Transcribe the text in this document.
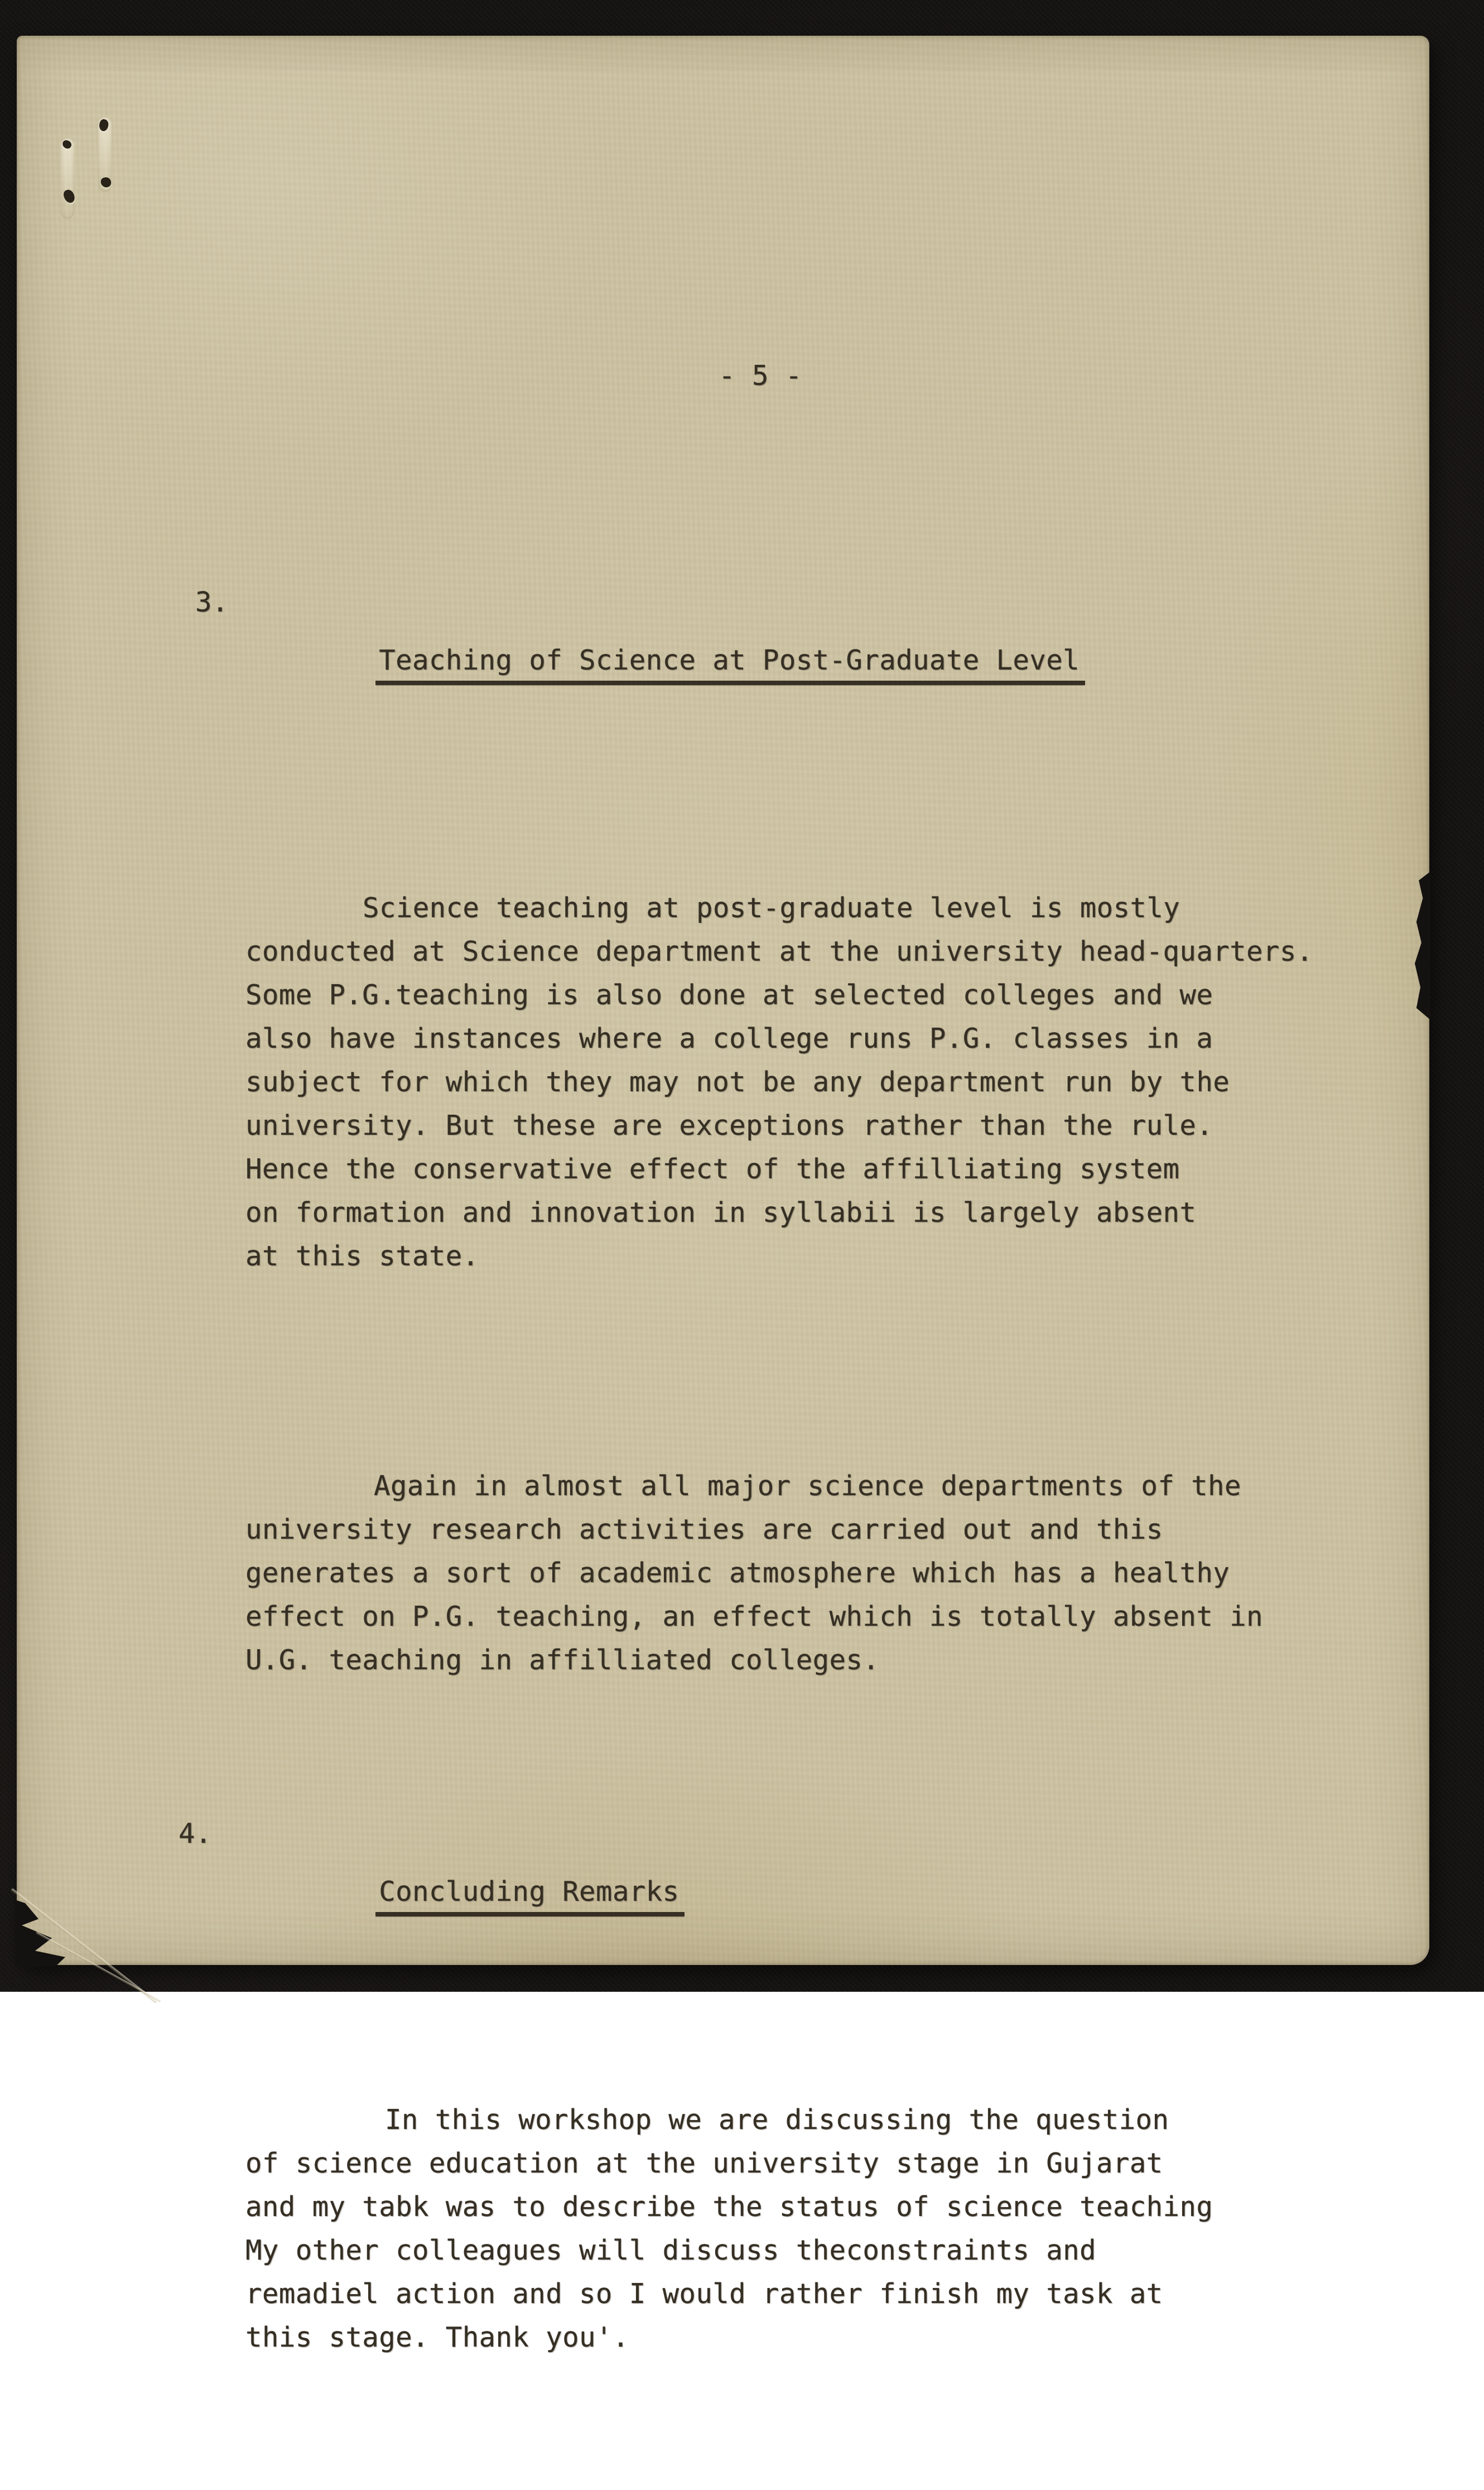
- 5 -

3.

Teaching of Science at Post-Graduate Level

Science teaching at post-graduate level is mostly
conducted at Science department at the university head-quarters.
Some P.G.teaching is also done at selected colleges and we
also have instances where a college runs P.G. classes in a
subject for which they may not be any department run by the
university. But these are exceptions rather than the rule.
Hence the conservative effect of the affilliating system
on formation and innovation in syllabii is largely absent
at this state.

Again in almost all major science departments of the
university research activities are carried out and this
generates a sort of academic atmosphere which has a healthy
effect on P.G. teaching, an effect which is totally absent in
U.G. teaching in affilliated colleges.

4.

Concluding Remarks

In this workshop we are discussing the question
of science education at the university stage in Gujarat
and my tabk was to describe the status of science teaching
My other colleagues will discuss theconstraints and
remadiel action and so I would rather finish my task at
this stage. Thank you'.
